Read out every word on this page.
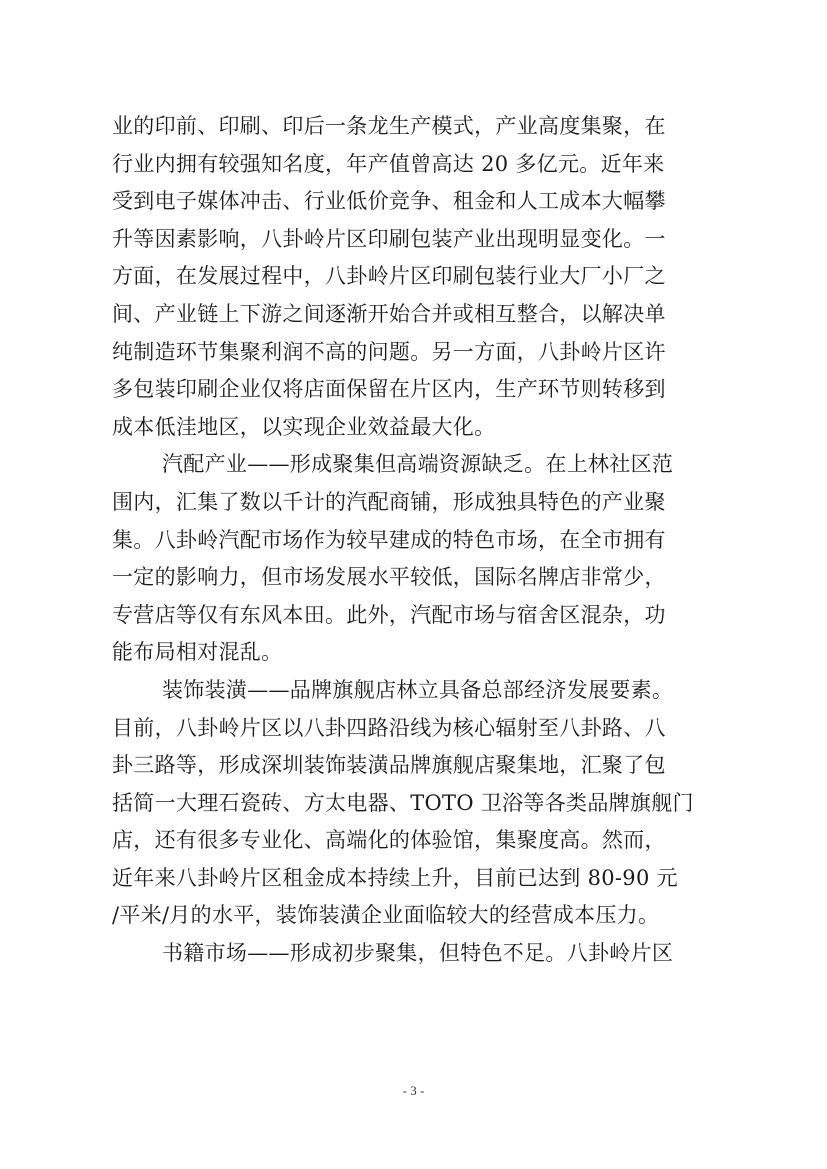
业的印前、印刷、印后一条龙生产模式，产业高度集聚，在
行业内拥有较强知名度，年产值曾高达 20 多亿元。近年来
受到电子媒体冲击、行业低价竞争、租金和人工成本大幅攀
升等因素影响，八卦岭片区印刷包装产业出现明显变化。一
方面，在发展过程中，八卦岭片区印刷包装行业大厂小厂之
间、产业链上下游之间逐渐开始合并或相互整合，以解决单
纯制造环节集聚利润不高的问题。另一方面，八卦岭片区许
多包装印刷企业仅将店面保留在片区内，生产环节则转移到
成本低洼地区，以实现企业效益最大化。
汽配产业——形成聚集但高端资源缺乏。在上林社区范
围内，汇集了数以千计的汽配商铺，形成独具特色的产业聚
集。八卦岭汽配市场作为较早建成的特色市场，在全市拥有
一定的影响力，但市场发展水平较低，国际名牌店非常少，
专营店等仅有东风本田。此外，汽配市场与宿舍区混杂，功
能布局相对混乱。
装饰装潢——品牌旗舰店林立具备总部经济发展要素。
目前，八卦岭片区以八卦四路沿线为核心辐射至八卦路、八
卦三路等，形成深圳装饰装潢品牌旗舰店聚集地，汇聚了包
括简一大理石瓷砖、方太电器、TOTO 卫浴等各类品牌旗舰门
店，还有很多专业化、高端化的体验馆，集聚度高。然而，
近年来八卦岭片区租金成本持续上升，目前已达到 80-90 元
/平米/月的水平，装饰装潢企业面临较大的经营成本压力。
书籍市场——形成初步聚集，但特色不足。八卦岭片区
- 3 -
